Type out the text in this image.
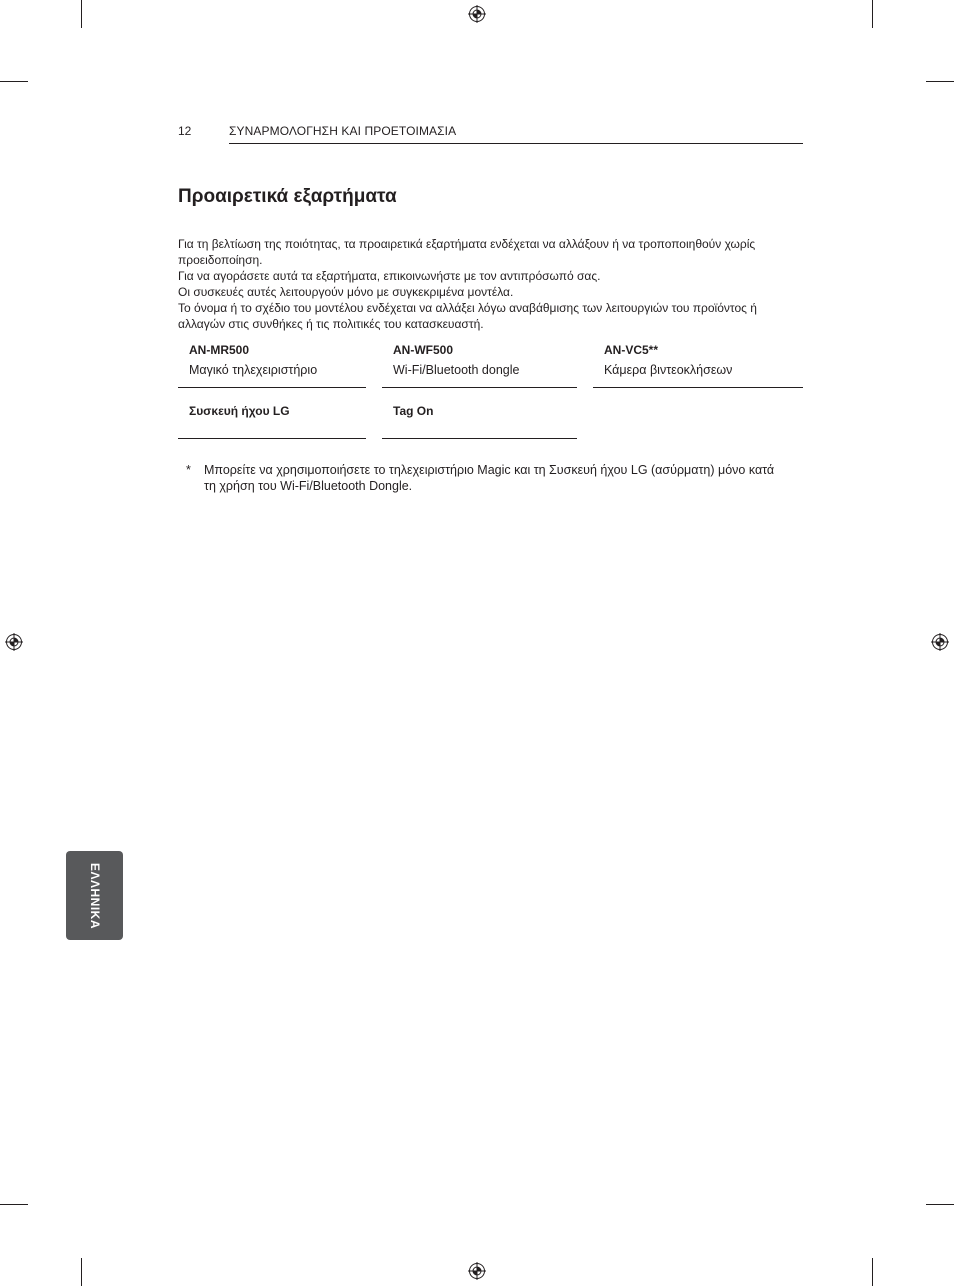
12	ΣΥΝΑΡΜΟΛΟΓΗΣΗ ΚΑΙ ΠΡΟΕΤΟΙΜΑΣΙΑ
Προαιρετικά εξαρτήματα

Για τη βελτίωση της ποιότητας, τα προαιρετικά εξαρτήματα ενδέχεται να αλλάξουν ή να τροποποιηθούν χωρίς προειδοποίηση.

Για να αγοράσετε αυτά τα εξαρτήματα, επικοινωνήστε με τον αντιπρόσωπό σας.

Οι συσκευές αυτές λειτουργούν μόνο με συγκεκριμένα μοντέλα.

Το όνομα ή το σχέδιο του μοντέλου ενδέχεται να αλλάξει λόγω αναβάθμισης των λειτουργιών του προϊόντος ή αλλαγών στις συνθήκες ή τις πολιτικές του κατασκευαστή.

AN-MR500
Μαγικό τηλεχειριστήριο
AN-WF500
Wi-Fi/Bluetooth dongle
AN-VC5**
Κάμερα βιντεοκλήσεων
Συσκευή ήχου LG	Tag On
* Μπορείτε να χρησιμοποιήσετε το τηλεχειριστήριο Magic και τη Συσκευή ήχου LG (ασύρματη) μόνο κατά τη χρήση του Wi-Fi/Bluetooth Dongle.
ΕΛΛΗΝΙΚΑ
